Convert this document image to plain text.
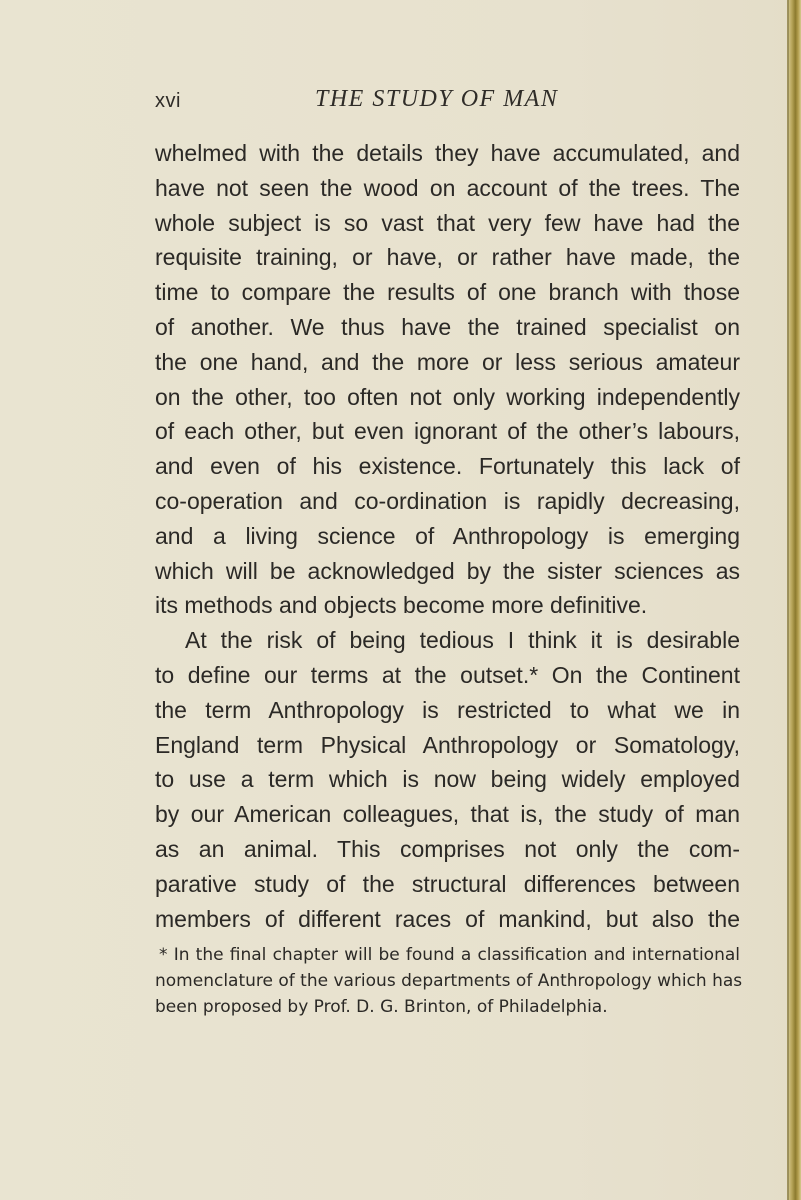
xvi	THE STUDY OF MAN
whelmed with the details they have accumulated, and
have not seen the wood on account of the trees. The
whole subject is so vast that very few have had the
requisite training, or have, or rather have made, the
time to compare the results of one branch with those
of another. We thus have the trained specialist on
the one hand, and the more or less serious amateur
on the other, too often not only working independently
of each other, but even ignorant of the other’s labours,
and even of his existence. Fortunately this lack of
co-operation and co-ordination is rapidly decreasing,
and a living science of Anthropology is emerging
which will be acknowledged by the sister sciences as
its methods and objects become more definitive.
At the risk of being tedious I think it is desirable
to define our terms at the outset.* On the Continent
the term Anthropology is restricted to what we in
England term Physical Anthropology or Somatology,
to use a term which is now being widely employed
by our American colleagues, that is, the study of man
as an animal. This comprises not only the com-
parative study of the structural differences between
members of different races of mankind, but also the
* In the final chapter will be found a classification and international
nomenclature of the various departments of Anthropology which has
been proposed by Prof. D. G. Brinton, of Philadelphia.
